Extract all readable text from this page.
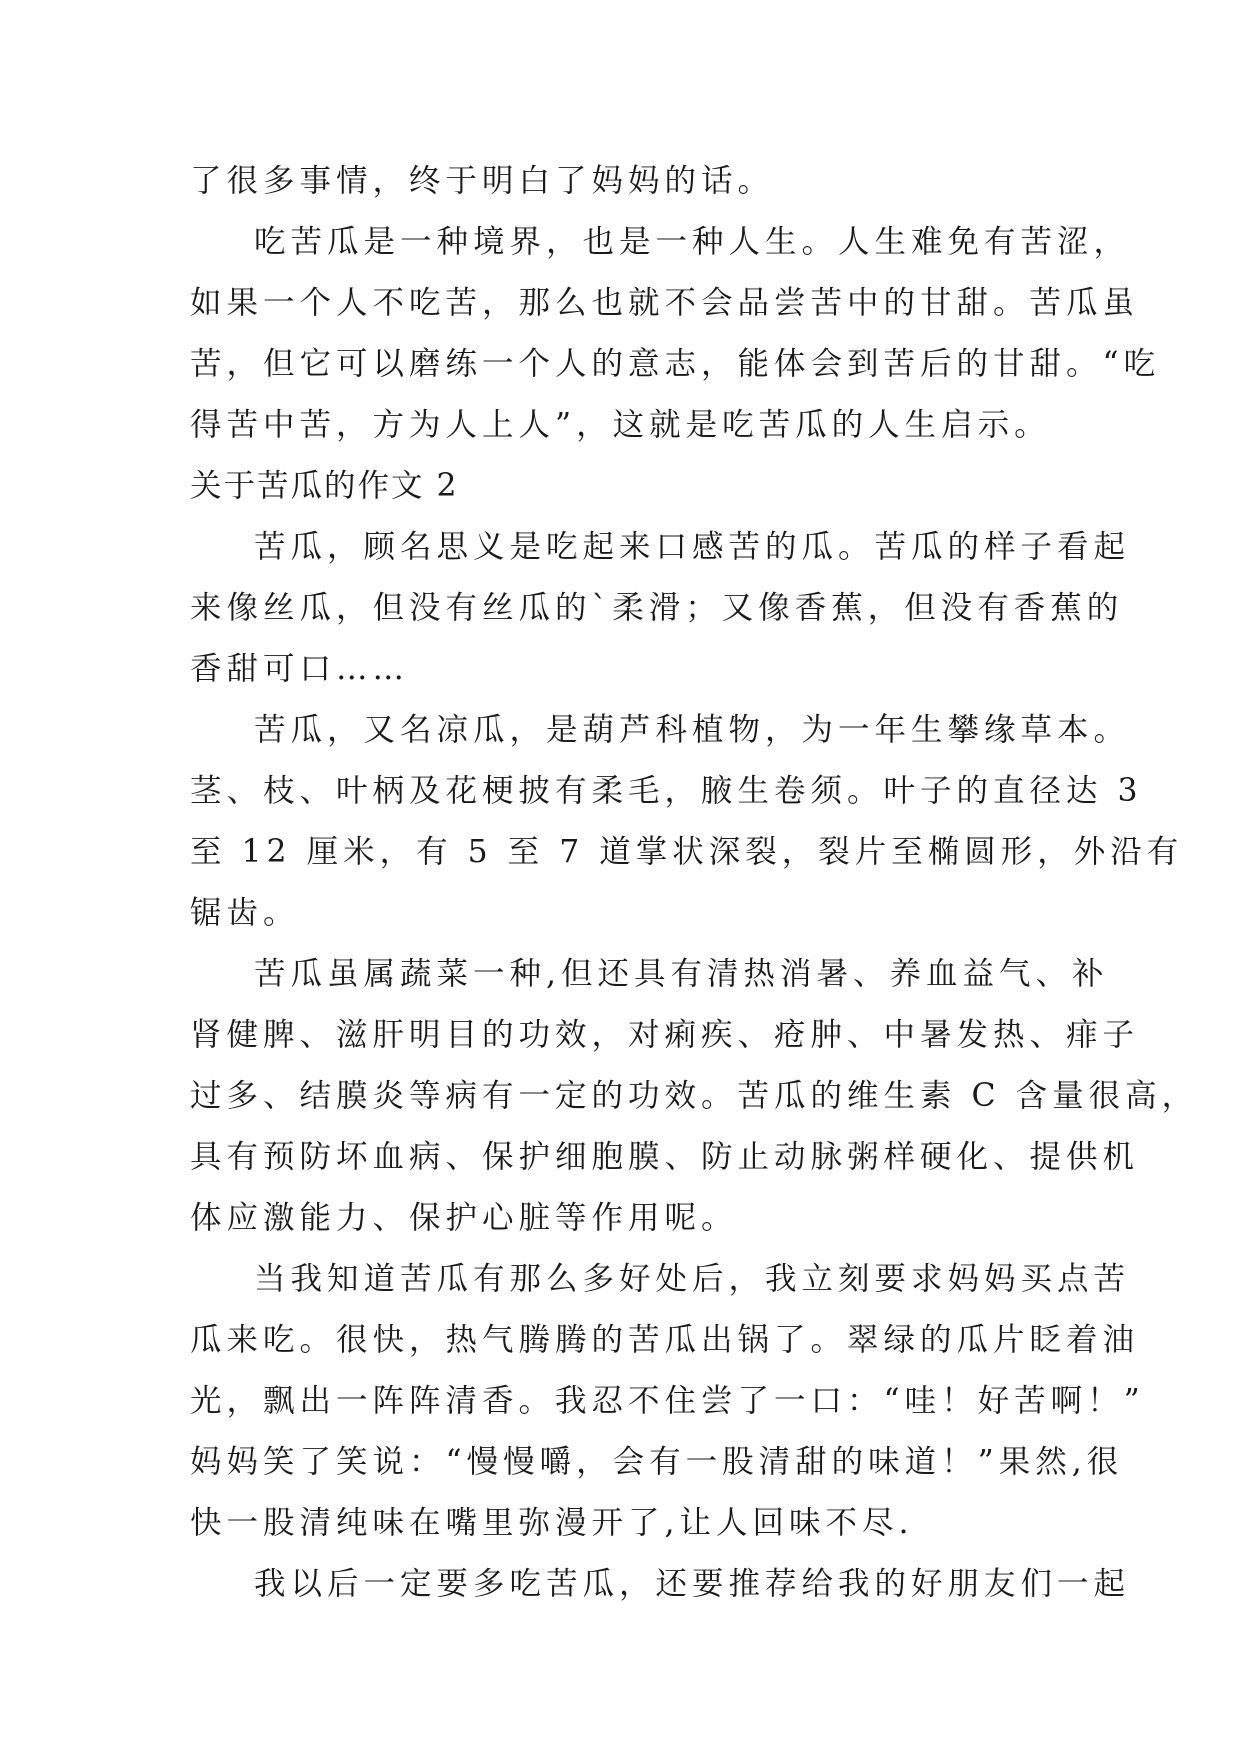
了很多事情，终于明白了妈妈的话。

吃苦瓜是一种境界，也是一种人生。人生难免有苦涩，
如果一个人不吃苦，那么也就不会品尝苦中的甘甜。苦瓜虽
苦，但它可以磨练一个人的意志，能体会到苦后的甘甜。“吃
得苦中苦，方为人上人”，这就是吃苦瓜的人生启示。

关于苦瓜的作文 2

苦瓜，顾名思义是吃起来口感苦的瓜。苦瓜的样子看起
来像丝瓜，但没有丝瓜的`柔滑；又像香蕉，但没有香蕉的
香甜可口……

苦瓜，又名凉瓜，是葫芦科植物，为一年生攀缘草本。
茎、枝、叶柄及花梗披有柔毛，腋生卷须。叶子的直径达 3
至 12 厘米，有 5 至 7 道掌状深裂，裂片至椭圆形，外沿有
锯齿。

苦瓜虽属蔬菜一种,但还具有清热消暑、养血益气、补
肾健脾、滋肝明目的功效，对痢疾、疮肿、中暑发热、痱子
过多、结膜炎等病有一定的功效。苦瓜的维生素 C 含量很高，
具有预防坏血病、保护细胞膜、防止动脉粥样硬化、提供机
体应激能力、保护心脏等作用呢。

当我知道苦瓜有那么多好处后，我立刻要求妈妈买点苦
瓜来吃。很快，热气腾腾的苦瓜出锅了。翠绿的瓜片眨着油
光，飘出一阵阵清香。我忍不住尝了一口：“哇！好苦啊！”
妈妈笑了笑说：“慢慢嚼，会有一股清甜的味道！”果然,很
快一股清纯味在嘴里弥漫开了,让人回味不尽.

我以后一定要多吃苦瓜，还要推荐给我的好朋友们一起
